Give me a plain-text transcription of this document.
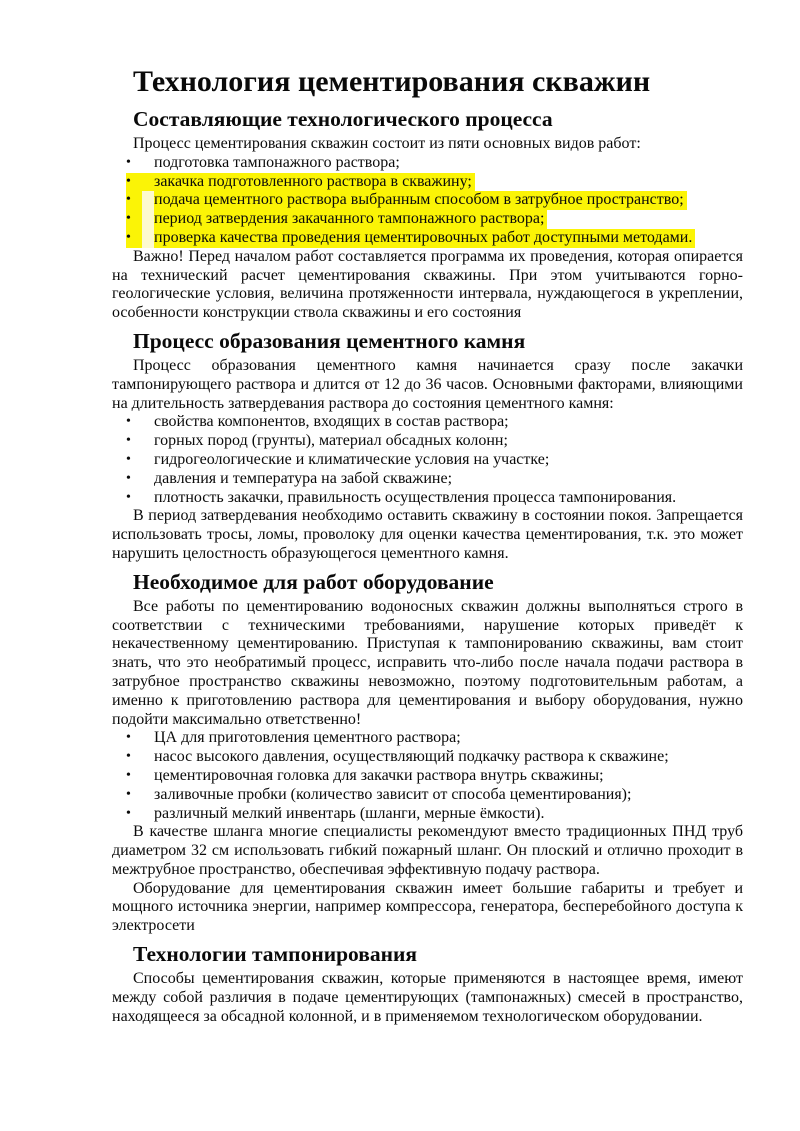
Технология цементирования скважин
Составляющие технологического процесса

Процесс цементирования скважин состоит из пяти основных видов работ:

•	подготовка тампонажного раствора;
•	закачка подготовленного раствора в скважину;
•	подача цементного раствора выбранным способом в затрубное пространство;
•	период затвердения закачанного тампонажного раствора;
•	проверка качества проведения цементировочных работ доступными методами.

Важно! Перед началом работ составляется программа их проведения, которая опирается на технический расчет цементирования скважины. При этом учитываются горно-геологические условия, величина протяженности интервала, нуждающегося в укреплении, особенности конструкции ствола скважины и его состояния

Процесс образования цементного камня

Процесс образования цементного камня начинается сразу после закачки тампонирующего раствора и длится от 12 до 36 часов. Основными факторами, влияющими на длительность затвердевания раствора до состояния цементного камня:

•	свойства компонентов, входящих в состав раствора;
•	горных пород (грунты), материал обсадных колонн;
•	гидрогеологические и климатические условия на участке;
•	давления и температура на забой скважине;
•	плотность закачки, правильность осуществления процесса тампонирования.

В период затвердевания необходимо оставить скважину в состоянии покоя. Запрещается использовать тросы, ломы, проволоку для оценки качества цементирования, т.к. это может нарушить целостность образующегося цементного камня.

Необходимое для работ оборудование

Все работы по цементированию водоносных скважин должны выполняться строго в соответствии с техническими требованиями, нарушение которых приведёт к некачественному цементированию. Приступая к тампонированию скважины, вам стоит знать, что это необратимый процесс, исправить что-либо после начала подачи раствора в затрубное пространство скважины невозможно, поэтому подготовительным работам, а именно к приготовлению раствора для цементирования и выбору оборудования, нужно подойти максимально ответственно!

•	ЦА для приготовления цементного раствора;
•	насос высокого давления, осуществляющий подкачку раствора к скважине;
•	цементировочная головка для закачки раствора внутрь скважины;
•	заливочные пробки (количество зависит от способа цементирования);
•	различный мелкий инвентарь (шланги, мерные ёмкости).

В качестве шланга многие специалисты рекомендуют вместо традиционных ПНД труб диаметром 32 см использовать гибкий пожарный шланг. Он плоский и отлично проходит в межтрубное пространство, обеспечивая эффективную подачу раствора.

Оборудование для цементирования скважин имеет большие габариты и требует и мощного источника энергии, например компрессора, генератора, бесперебойного доступа к электросети

Технологии тампонирования

Способы цементирования скважин, которые применяются в настоящее время, имеют между собой различия в подаче цементирующих (тампонажных) смесей в пространство, находящееся за обсадной колонной, и в применяемом технологическом оборудовании.
